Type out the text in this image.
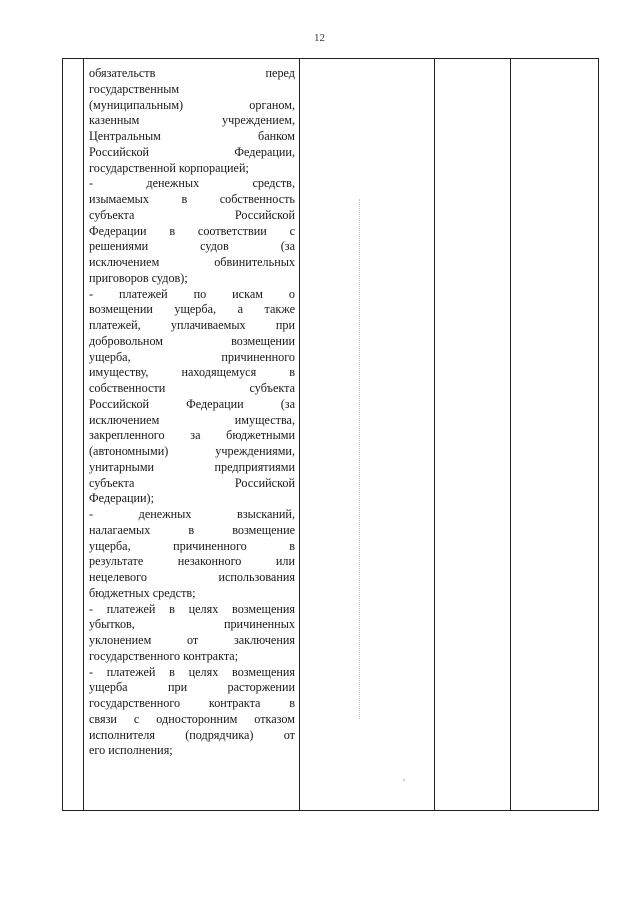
12
обязательств перед
государственным
(муниципальным) органом,
казенным учреждением,
Центральным банком
Российской Федерации,
государственной корпорацией;
- денежных средств,
изымаемых в собственность
субъекта Российской
Федерации в соответствии с
решениями судов (за
исключением обвинительных
приговоров судов);
- платежей по искам о
возмещении ущерба, а также
платежей, уплачиваемых при
добровольном возмещении
ущерба, причиненного
имуществу, находящемуся в
собственности субъекта
Российской Федерации (за
исключением имущества,
закрепленного за бюджетными
(автономными) учреждениями,
унитарными предприятиями
субъекта Российской
Федерации);
- денежных взысканий,
налагаемых в возмещение
ущерба, причиненного в
результате незаконного или
нецелевого использования
бюджетных средств;
- платежей в целях возмещения
убытков, причиненных
уклонением от заключения
государственного контракта;
- платежей в целях возмещения
ущерба при расторжении
государственного контракта в
связи с односторонним отказом
исполнителя (подрядчика) от
его исполнения;
